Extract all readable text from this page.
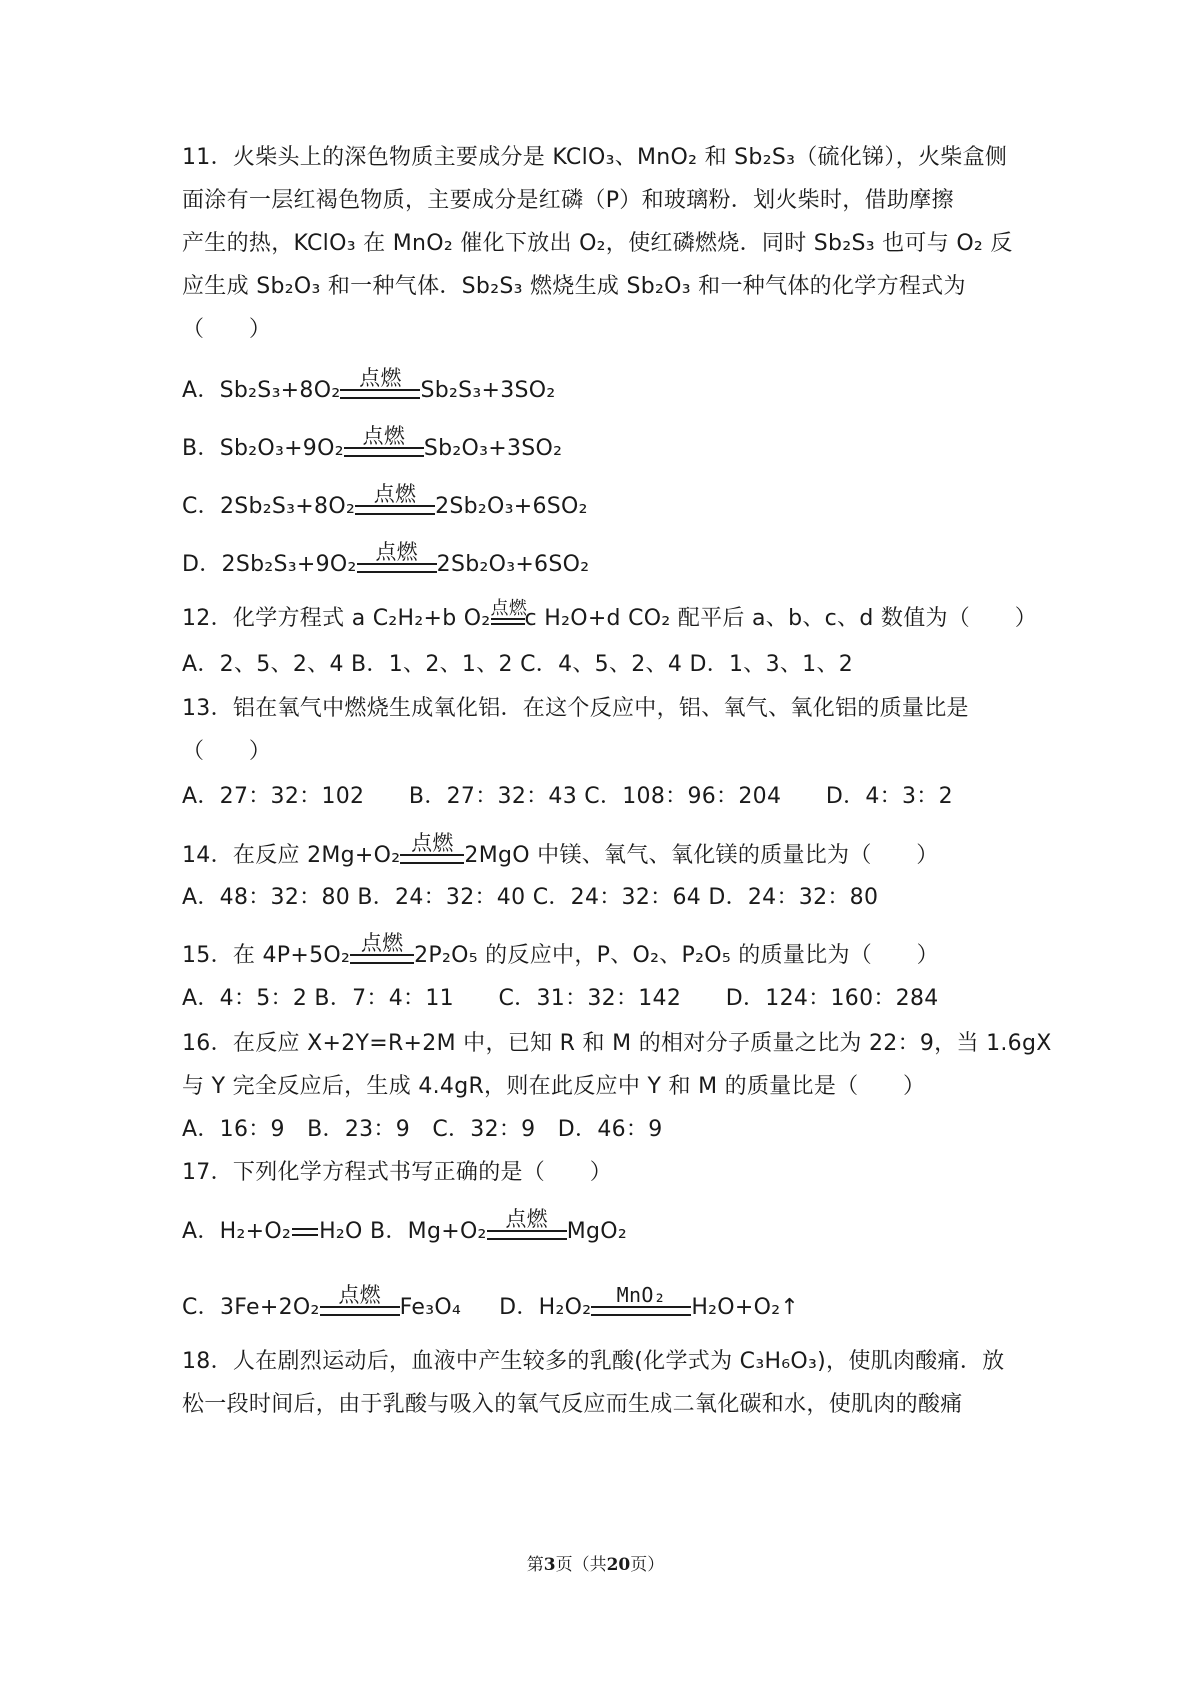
11．火柴头上的深色物质主要成分是 KClO₃、MnO₂ 和 Sb₂S₃（硫化锑），火柴盒侧
面涂有一层红褐色物质，主要成分是红磷（P）和玻璃粉．划火柴时，借助摩擦
产生的热，KClO₃ 在 MnO₂ 催化下放出 O₂，使红磷燃烧．同时 Sb₂S₃ 也可与 O₂ 反
应生成 Sb₂O₃ 和一种气体．Sb₂S₃ 燃烧生成 Sb₂O₃ 和一种气体的化学方程式为
（　　）
A．Sb₂S₃+8O₂ 点燃 Sb₂S₃+3SO₂
B．Sb₂O₃+9O₂ 点燃 Sb₂O₃+3SO₂
C．2Sb₂S₃+8O₂ 点燃 2Sb₂O₃+6SO₂
D．2Sb₂S₃+9O₂ 点燃 2Sb₂O₃+6SO₂
12．化学方程式 a C₂H₂+b O₂ 点燃
c H₂O+d CO₂ 配平后 a、b、c、d 数值为（　　）
A．2、5、2、4 B．1、2、1、2 C．4、5、2、4 D．1、3、1、2
13．铝在氧气中燃烧生成氧化铝．在这个反应中，铝、氧气、氧化铝的质量比是
（　　）
A．27：32：102　　B．27：32：43 C．108：96：204　　D．4：3：2
14．在反应 2Mg+O₂ 点燃 2MgO 中镁、氧气、氧化镁的质量比为（　　）
A．48：32：80 B．24：32：40 C．24：32：64 D．24：32：80
15．在 4P+5O₂ 点燃 2P₂O₅ 的反应中，P、O₂、P₂O₅ 的质量比为（　　）
A．4：5：2 B．7：4：11　　C．31：32：142　　D．124：160：284
16．在反应 X+2Y=R+2M 中，已知 R 和 M 的相对分子质量之比为 22：9，当 1.6gX
与 Y 完全反应后，生成 4.4gR，则在此反应中 Y 和 M 的质量比是（　　）
A．16：9　B．23：9　C．32：9　D．46：9
17．下列化学方程式书写正确的是（　　）
A．H₂+O₂ H₂O B．Mg+O₂ 点燃 MgO₂
C．3Fe+2O₂ 点燃 Fe₃O₄ D．H₂O₂	MnO₂	H₂O+O₂↑
18．人在剧烈运动后，血液中产生较多的乳酸(化学式为 C₃H₆O₃)，使肌肉酸痛．放
松一段时间后，由于乳酸与吸入的氧气反应而生成二氧化碳和水，使肌肉的酸痛
第3页（共20页）
